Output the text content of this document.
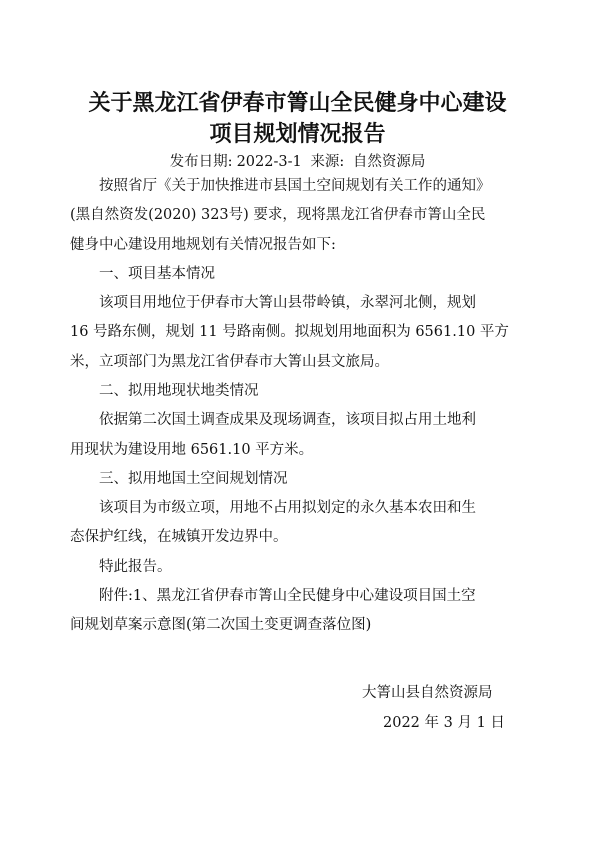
关于黑龙江省伊春市箐山全民健身中心建设
项目规划情况报告
发布日期: 2022-3-1 来源: 自然资源局
按照省厅《关于加快推进市县国土空间规划有关工作的通知》
(黑自然资发(2020) 323号) 要求，现将黑龙江省伊春市箐山全民
健身中心建设用地规划有关情况报告如下:
一、项目基本情况
该项目用地位于伊春市大箐山县带岭镇，永翠河北侧，规划
16 号路东侧，规划 11 号路南侧。拟规划用地面积为 6561.10 平方
米，立项部门为黑龙江省伊春市大箐山县文旅局。
二、拟用地现状地类情况
依据第二次国土调查成果及现场调查，该项目拟占用土地利
用现状为建设用地 6561.10 平方米。
三、拟用地国土空间规划情况
该项目为市级立项，用地不占用拟划定的永久基本农田和生
态保护红线，在城镇开发边界中。
特此报告。
附件:1、黑龙江省伊春市箐山全民健身中心建设项目国土空
间规划草案示意图(第二次国土变更调查落位图)
大箐山县自然资源局
2022 年 3 月 1 日
